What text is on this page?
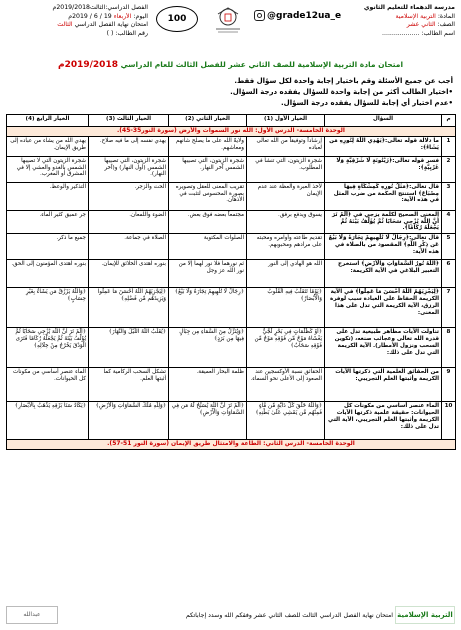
مدرسة الدهماء للتعليم الثانوي
المادة: التربية الإسلامية
الصف: الثاني عشر
اسم الطالب: ...................
@grade12ua_e
100
الفصل الدراسي:الثالث2019/2018م
اليوم: الأربعاء 19 / 6 / 2019م
امتحان نهاية الفصل الدراسي الثالث
رقم الطالب: ( )
امتحان مادة التربية الإسلامية للصف الثاني عشر للفصل الثالث للعام الدراسي 2019/2018م
أجب عن جميع الأسئلة وقم باختيار إجابة واحدة لكل سؤال فقط.
•اختيار الطالب أكثر من إجابة واحدة للسؤال يفقده درجة السؤال.
•عدم اختيار أي إجابة للسؤال يفقده درجة السؤال.
م	السؤال	الخيار الأول (1)	الخيار الثاني (2)	الخيار الثالث (3)	الخيار الرابع (4)
الوحدة الخامسة- الدرس الأول: الله نور السموات والأرض (سورة النور35-45).					
1	ما دلالة قوله تعالى:﴿يَهْدِي اللَّهُ لِنُورِهِ مَن يَشَاءُ﴾:	إرشاداً وتوفيقاً من الله تعالى لعباده	ولايةً الله على ما يصلح شأنهم ومعاشهم.	يهدي نفسه إلى ما فيه صلاح.	يهدي الله من يشاء من عباده إلى طريق الإيمان.
2	فسر قوله تعالى:﴿زَيْتُونَةٍ لَّا شَرْقِيَّةٍ وَلَا غَرْبِيَّةٍ﴾:	شجرة الزيتون، التي تنشأ في المطلوب.	شجرة الزيتون، التي تصيبها الشمس آخر النهار.	شجرة الزيتون، التي تصيبها الشمس (أول النهار) و(آخر النهار).	شجرة الزيتون التي لا تصيبها الشمس بالغدو والعشي إلا في المشرق أو المغرب.
3	قال تعالى:﴿مَثَلُ نُورِهِ كَمِشْكَاةٍ فِيهَا مِصْبَاحٌ﴾ استنتج الحكمة من ضرب المثل في هذه الآية:	لأخذ العبرة والعظة عند عدم الإيمان	تقريب المعنى للعقل وتصويره بصورة المحسوس لتثبت في الأذهان.	الحث والزجر.	التذكير والوعظ.
4	المعنى الصحيح لكلمة يزجي في ﴿أَلَمْ تَرَ أَنَّ اللَّهَ يُزْجِي سَحَابًا ثُمَّ يُؤَلِّفُ بَيْنَهُ ثُمَّ يَجْعَلُهُ رُكَامًا﴾.	يسوق ويدفع برفق.	مجتمعاً بعضه فوق بعض.	الضوء واللمعان.	جر عميق كثير الماء.
5	قال تعالى:﴿رِجَالٌ لَّا تُلْهِيهِمْ تِجَارَةٌ وَلَا بَيْعٌ عَن ذِكْرِ اللَّهِ﴾ المقصود من بالصلاة في هذه الآية:	تقديم طاعته وأوامره ومحبته على مرادهم ومحبوبهم.	الصلوات المكتوبة	الصلاة في جماعة.	جميع ما ذكر.
6	﴿اللَّهُ نُورُ السَّمَاوَاتِ وَالْأَرْضِ﴾ استخرج التعبير البلاغي في الآية الكريمة:	الله هو الهادي إلى النور	ثم نورهما فلا نور لهما إلا من نور الله عز وجل	بنوره اهتدى الخلائق للإيمان.	بنوره اهتدى المؤمنون إلى الحق.
7	﴿لِيَجْزِيَهُمُ اللَّهُ أَحْسَنَ مَا عَمِلُوا﴾ في الآية الكريمة الحفاظ على العبادة سبب لوفرة الرزق، الآية الكريمة التي تدل على هذا المعنى:	﴿يَوْمًا تَتَقَلَّبُ فِيهِ الْقُلُوبُ وَالْأَبْصَارُ﴾	﴿رِجَالٌ لَّا تُلْهِيهِمْ تِجَارَةٌ وَلَا بَيْعٌ﴾	﴿لِيَجْزِيَهُمُ اللَّهُ أَحْسَنَ مَا عَمِلُوا وَيَزِيدَهُم مِّن فَضْلِهِ﴾	﴿وَاللَّهُ يَرْزُقُ مَن يَشَاءُ بِغَيْرِ حِسَابٍ﴾
8	تناولت الآيات مظاهر طبيعية تدل على قدرة الله تعالى وعجائب صنعه، (تكوين السحب ونزول الأمطار). الآية الكريمة التي تدل على ذلك:	﴿أَوْ كَظُلُمَاتٍ فِي بَحْرٍ لُّجِّيٍّ يَغْشَاهُ مَوْجٌ مِّن فَوْقِهِ مَوْجٌ مِّن فَوْقِهِ سَحَابٌ﴾	﴿وَيُنَزِّلُ مِنَ السَّمَاءِ مِن جِبَالٍ فِيهَا مِن بَرَدٍ﴾	﴿يُقَلِّبُ اللَّهُ اللَّيْلَ وَالنَّهَارَ﴾	﴿أَلَمْ تَرَ أَنَّ اللَّهَ يُزْجِي سَحَابًا ثُمَّ يُؤَلِّفُ بَيْنَهُ ثُمَّ يَجْعَلُهُ رُكَامًا فَتَرَى الْوَدْقَ يَخْرُجُ مِنْ خِلَالِهِ﴾
9	من الحقائق العلمية التي ذكرتها الآيات الكريمة وأثبتها العلم التجريبي:	الحقائق نسبة الأوكسجين عند الصعود إلى الأعلى نحو السماء.	ظلمة البحار العميقة.	تشكل السحب الركامية كما أثبتها العلم.	الماء عنصر أساسي من مكونات كل الحيوانات.
10	الماء عنصر أساسي من مكونات كل الحيوانات: حقيقة علمية ذكرتها الآيات الكريمة وأثبتها العلم التجريبي، الآية التي تدل على ذلك:	﴿وَاللَّهُ خَلَقَ كُلَّ دَابَّةٍ مِّن مَّاءٍ فَمِنْهُم مَّن يَمْشِي عَلَىٰ بَطْنِهِ﴾	﴿أَلَمْ تَرَ أَنَّ اللَّهَ يُسَبِّحُ لَهُ مَن فِي السَّمَاوَاتِ وَالْأَرْضِ﴾	﴿وَلِلَّهِ مُلْكُ السَّمَاوَاتِ وَالْأَرْضِ﴾	﴿يَكَادُ سَنَا بَرْقِهِ يَذْهَبُ بِالْأَبْصَارِ﴾
الوحدة الخامسة- الدرس الثاني: الطاعة والامتثال طريق الإيمان (سورة النور 51-57).					
التربية الإسلامية
امتحان نهاية الفصل الدراسي الثالث للصف الثاني عشر وفقكم الله وسدد إجاباتكم
عبدالله
